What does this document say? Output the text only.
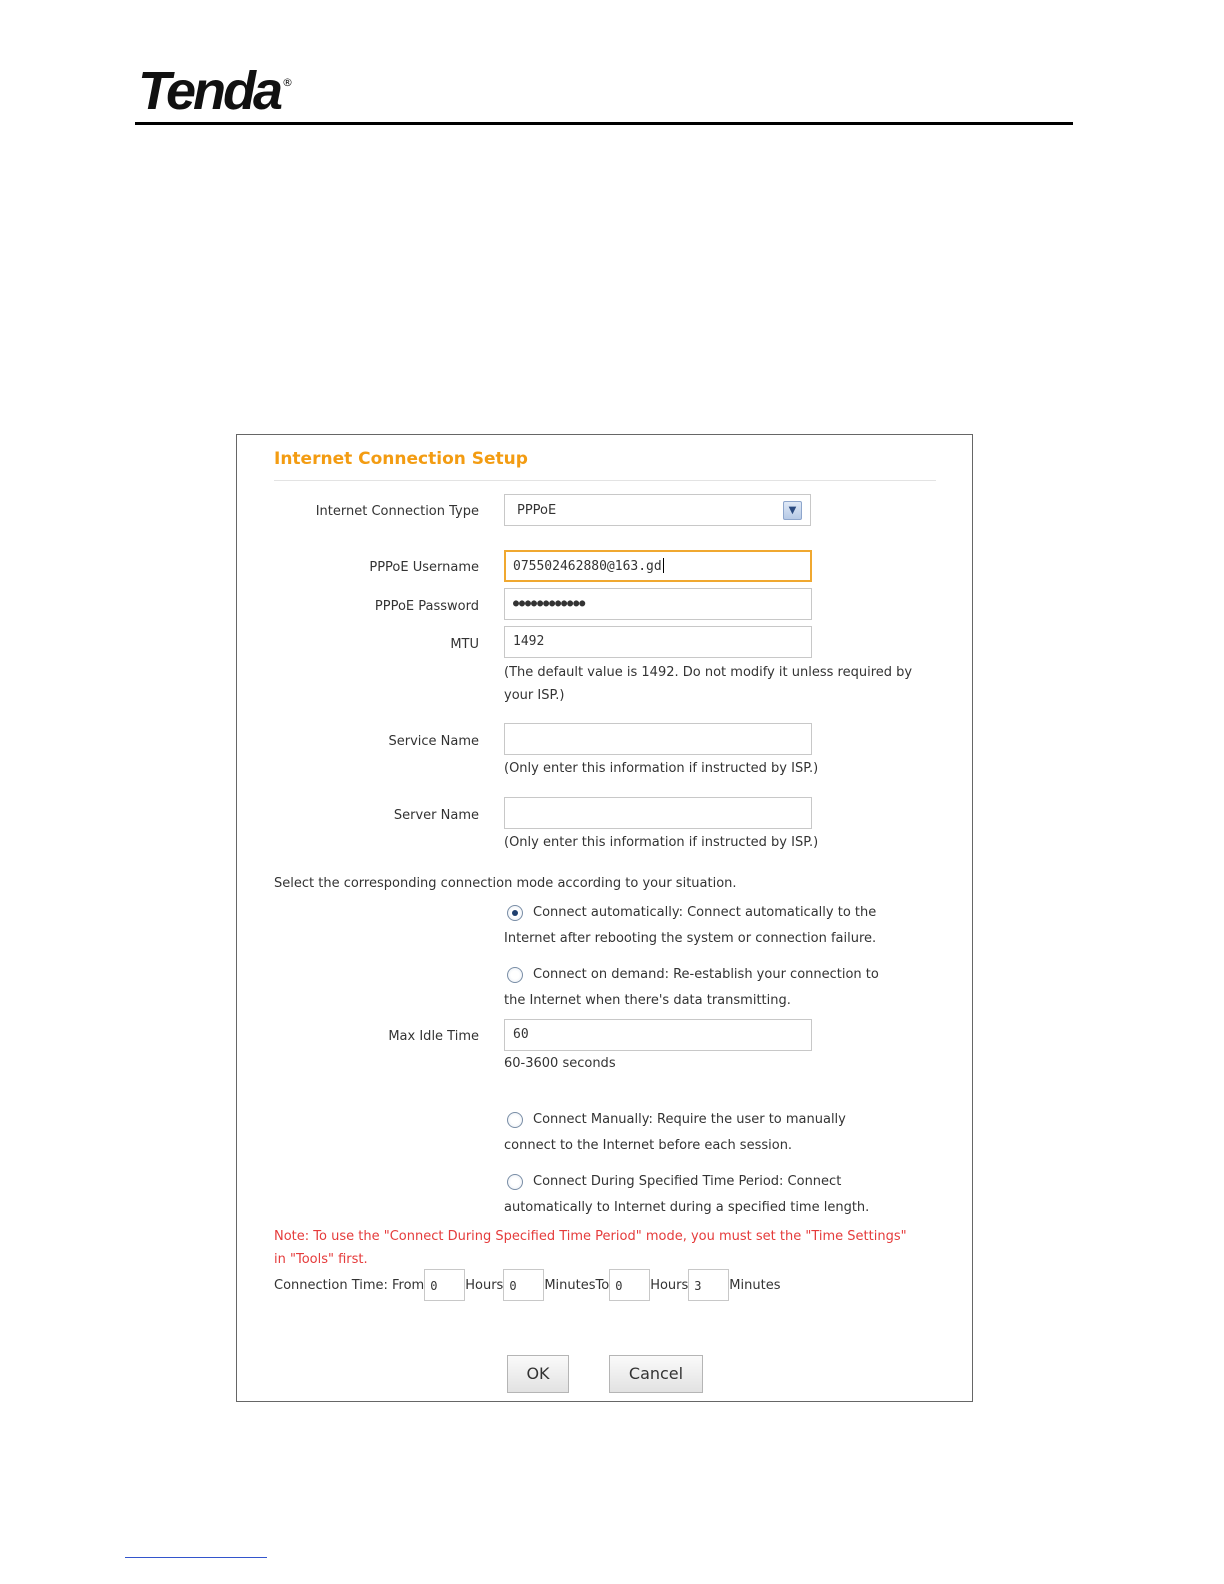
Tenda ®
Internet Connection Setup
Internet Connection Type	PPPoE	▼
PPPoE Username	075502462880@163.gd
PPPoE Password	●●●●●●●●●●●●
MTU	1492
(The default value is 1492. Do not modify it unless required by
your ISP.)
Service Name
(Only enter this information if instructed by ISP.)
Server Name
(Only enter this information if instructed by ISP.)
Select the corresponding connection mode according to your situation.
Connect automatically: Connect automatically to the
Internet after rebooting the system or connection failure.
Connect on demand: Re-establish your connection to
the Internet when there's data transmitting.
Max Idle Time	60
60-3600 seconds
Connect Manually: Require the user to manually
connect to the Internet before each session.
Connect During Specified Time Period: Connect
automatically to Internet during a specified time length.
Note: To use the "Connect During Specified Time Period" mode, you must set the "Time Settings"
in "Tools" first.
Connection Time: From 0	Hours 0	MinutesTo 0	Hours 3	Minutes
OK	Cancel
